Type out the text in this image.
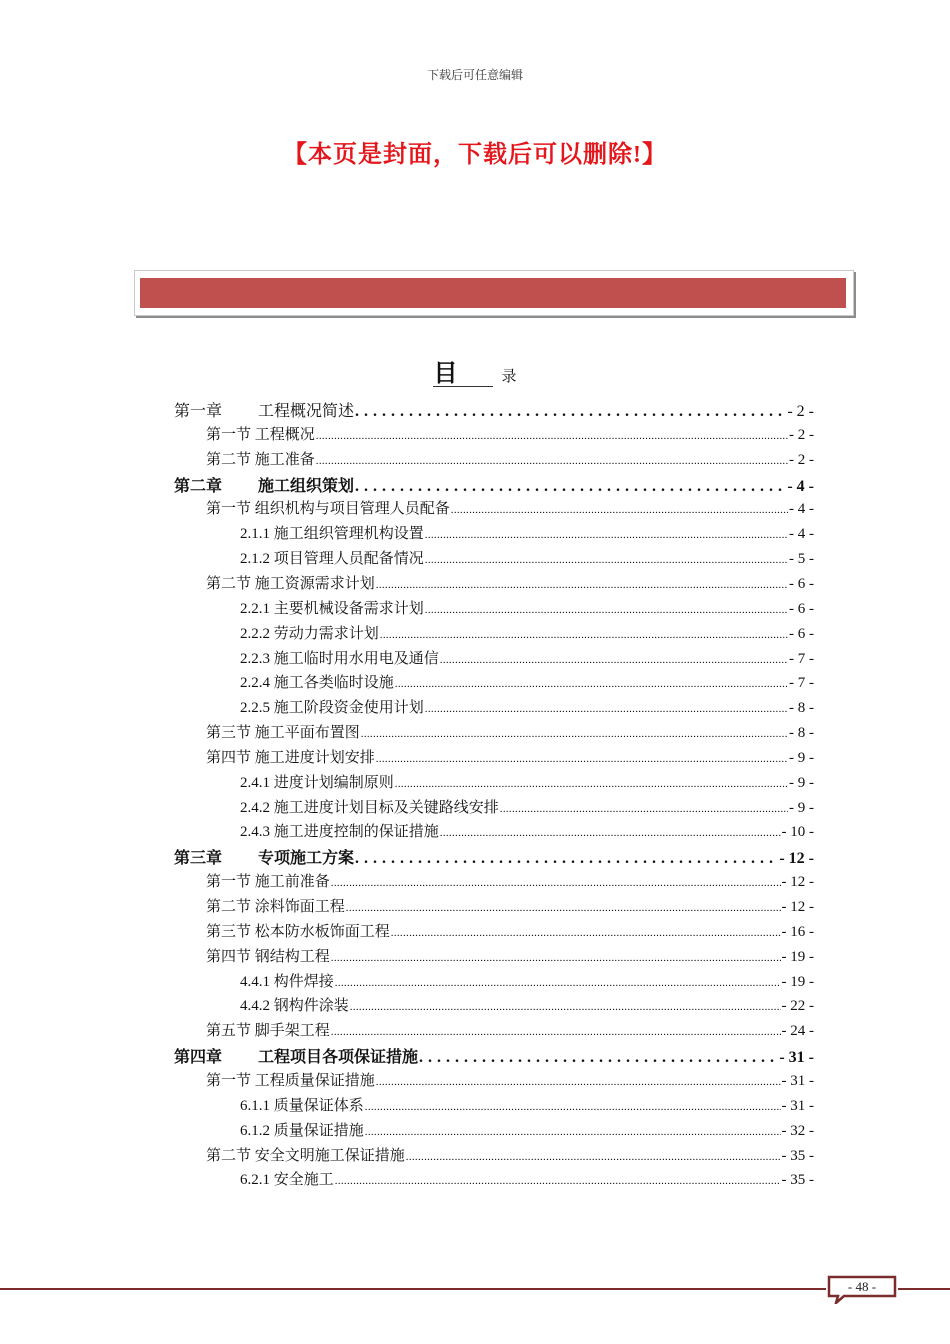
下载后可任意编辑
【本页是封面，下载后可以删除!】
目	录
第一章 工程概况简述 .....	- 2 -
第一节 工程概况 .....	- 2 -
第二节 施工准备 .....	- 2 -
第二章 施工组织策划 .....	- 4 -
第一节 组织机构与项目管理人员配备 .....	- 4 -
2.1.1 施工组织管理机构设置 .....	- 4 -
2.1.2 项目管理人员配备情况 .....	- 5 -
第二节 施工资源需求计划 .....	- 6 -
2.2.1 主要机械设备需求计划 .....	- 6 -
2.2.2 劳动力需求计划 .....	- 6 -
2.2.3 施工临时用水用电及通信 .....	- 7 -
2.2.4 施工各类临时设施 .....	- 7 -
2.2.5 施工阶段资金使用计划 .....	- 8 -
第三节 施工平面布置图 .....	- 8 -
第四节 施工进度计划安排 .....	- 9 -
2.4.1 进度计划编制原则 .....	- 9 -
2.4.2 施工进度计划目标及关键路线安排 .....	- 9 -
2.4.3 施工进度控制的保证措施 .....	- 10 -
第三章 专项施工方案 .....	- 12 -
第一节 施工前准备 .....	- 12 -
第二节 涂料饰面工程 .....	- 12 -
第三节 松本防水板饰面工程 .....	- 16 -
第四节 钢结构工程 .....	- 19 -
4.4.1 构件焊接 .....	- 19 -
4.4.2 钢构件涂装 .....	- 22 -
第五节 脚手架工程 .....	- 24 -
第四章 工程项目各项保证措施 .....	- 31 -
第一节 工程质量保证措施 .....	- 31 -
6.1.1 质量保证体系 .....	- 31 -
6.1.2 质量保证措施 .....	- 32 -
第二节 安全文明施工保证措施 .....	- 35 -
6.2.1 安全施工 .....	- 35 -
- 48 -
